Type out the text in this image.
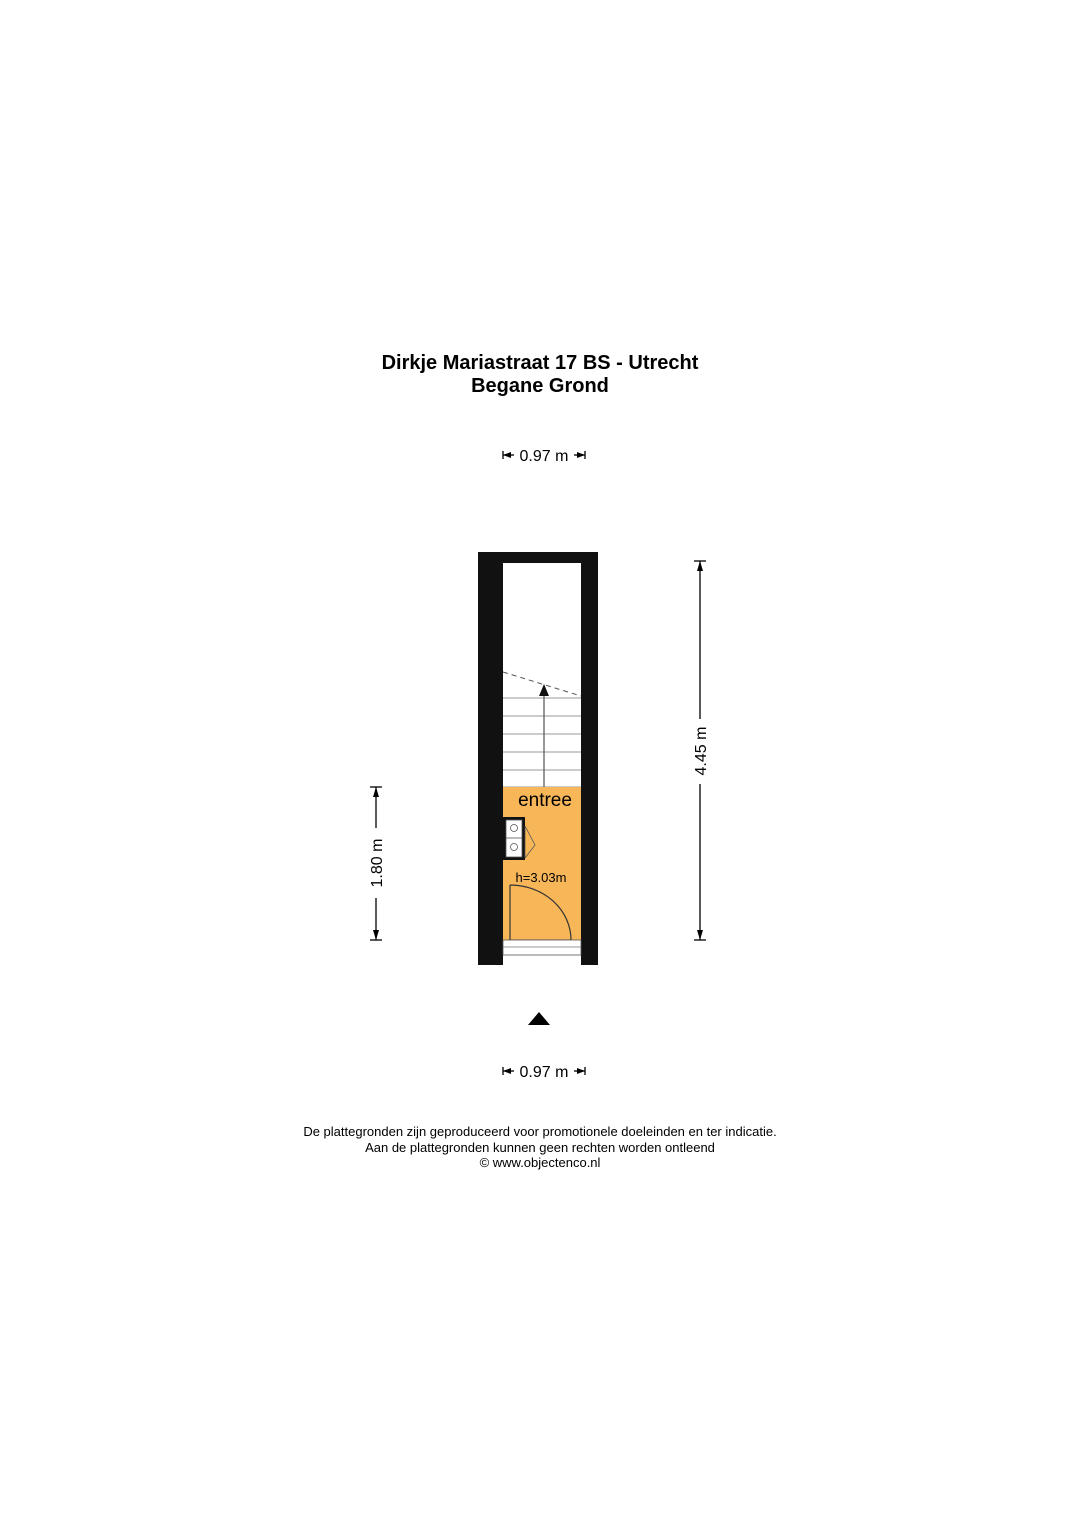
Dirkje Mariastraat 17 BS - Utrecht
Begane Grond
0.97 m
entree
h=3.03m
1.80 m
4.45 m
0.97 m
De plattegronden zijn geproduceerd voor promotionele doeleinden en ter indicatie.
Aan de plattegronden kunnen geen rechten worden ontleend
© www.objectenco.nl
